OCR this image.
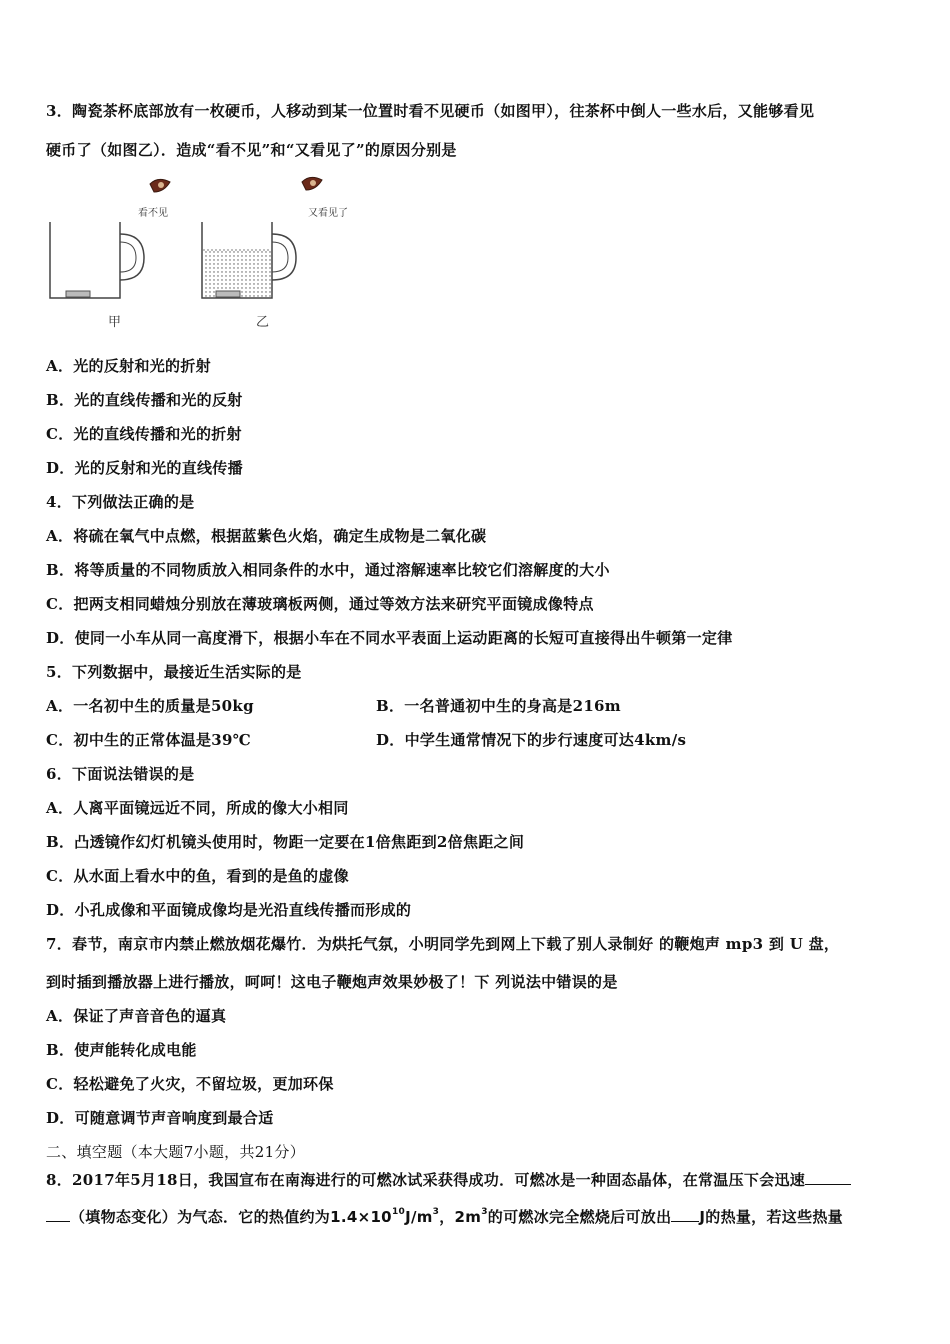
3．陶瓷茶杯底部放有一枚硬币，人移动到某一位置时看不见硬币（如图甲），往茶杯中倒人一些水后，又能够看见
硬币了（如图乙）．造成“看不见”和“又看见了”的原因分别是
看不见	又看见了
甲	乙
A．光的反射和光的折射
B．光的直线传播和光的反射
C．光的直线传播和光的折射
D．光的反射和光的直线传播
4．下列做法正确的是
A．将硫在氧气中点燃，根据蓝紫色火焰，确定生成物是二氧化碳
B．将等质量的不同物质放入相同条件的水中，通过溶解速率比较它们溶解度的大小
C．把两支相同蜡烛分别放在薄玻璃板两侧，通过等效方法来研究平面镜成像特点
D．使同一小车从同一高度滑下，根据小车在不同水平表面上运动距离的长短可直接得出牛顿第一定律
5．下列数据中，最接近生活实际的是
A．一名初中生的质量是50kg	B．一名普通初中生的身高是216m
C．初中生的正常体温是39℃	D．中学生通常情况下的步行速度可达4km/s
6．下面说法错误的是
A．人离平面镜远近不同，所成的像大小相同
B．凸透镜作幻灯机镜头使用时，物距一定要在1倍焦距到2倍焦距之间
C．从水面上看水中的鱼，看到的是鱼的虚像
D．小孔成像和平面镜成像均是光沿直线传播而形成的
7．春节，南京市内禁止燃放烟花爆竹．为烘托气氛，小明同学先到网上下载了别人录制好 的鞭炮声 mp3 到 U 盘，
到时插到播放器上进行播放，呵呵！这电子鞭炮声效果妙极了！下 列说法中错误的是
A．保证了声音音色的逼真
B．使声能转化成电能
C．轻松避免了火灾，不留垃圾，更加环保
D．可随意调节声音响度到最合适
二、填空题（本大题7小题，共21分）
8．2017年5月18日，我国宣布在南海进行的可燃冰试采获得成功．可燃冰是一种固态晶体，在常温压下会迅速
（填物态变化）为气态．它的热值约为$1.4\times 10^{10}J/m^3$，$2m^3$的可燃冰完全燃烧后可放出 J的热量，若这些热量
